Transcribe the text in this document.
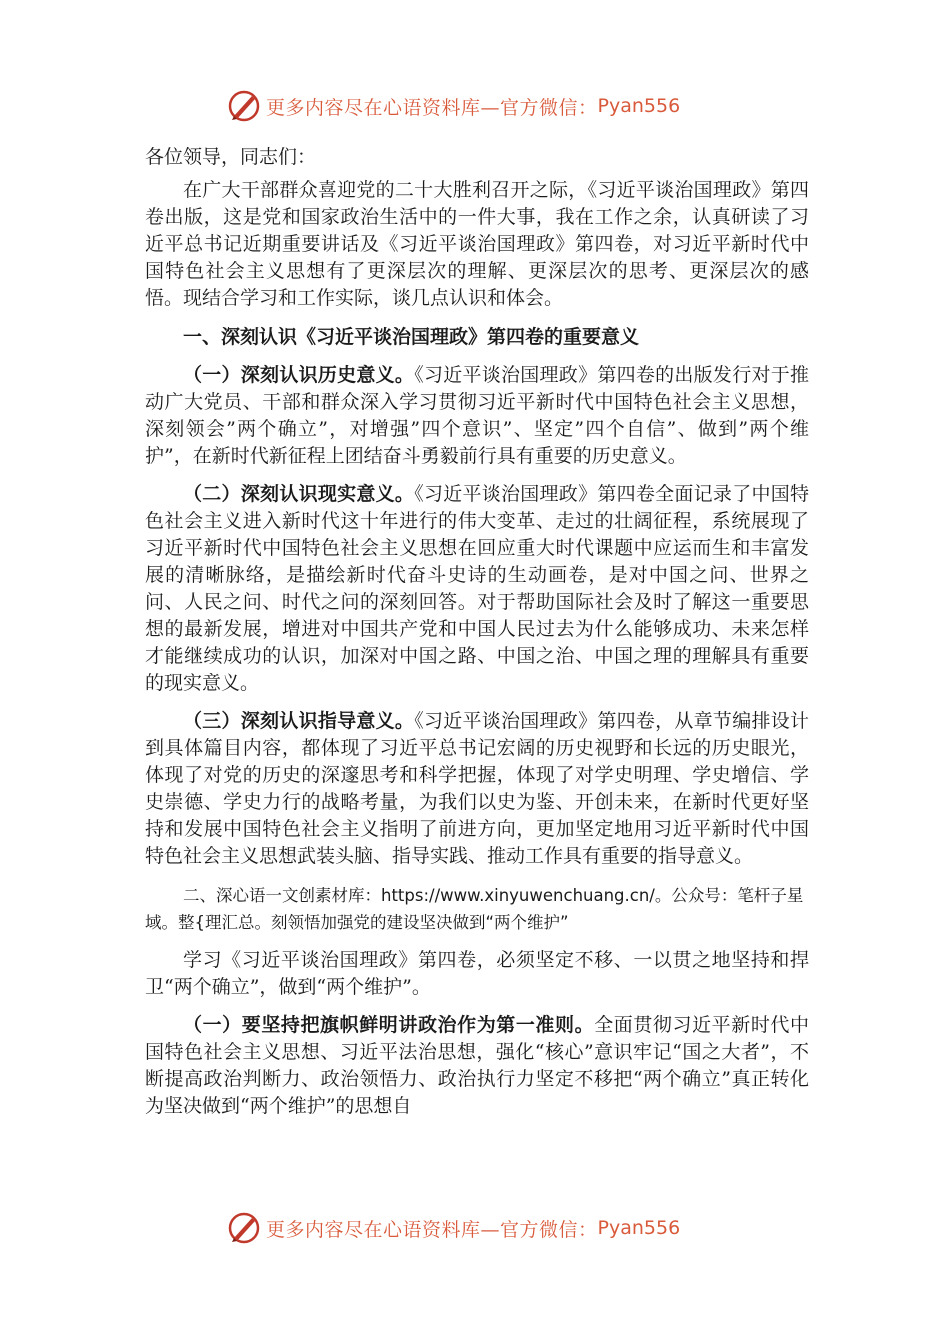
更多内容尽在心语资料库—官方微信： Pyan556

各位领导，同志们：

在广大干部群众喜迎党的二十大胜利召开之际，《习近平谈治国理政》第四卷出版，这是党和国家政治生活中的一件大事，我在工作之余，认真研读了习近平总书记近期重要讲话及《习近平谈治国理政》第四卷，对习近平新时代中国特色社会主义思想有了更深层次的理解、更深层次的思考、更深层次的感悟。现结合学习和工作实际，谈几点认识和体会。

一、深刻认识《习近平谈治国理政》第四卷的重要意义

（一）深刻认识历史意义。《习近平谈治国理政》第四卷的出版发行对于推动广大党员、干部和群众深入学习贯彻习近平新时代中国特色社会主义思想，深刻领会”两个确立”，对增强”四个意识”、坚定”四个自信”、做到”两个维护”，在新时代新征程上团结奋斗勇毅前行具有重要的历史意义。

（二）深刻认识现实意义。《习近平谈治国理政》第四卷全面记录了中国特色社会主义进入新时代这十年进行的伟大变革、走过的壮阔征程，系统展现了习近平新时代中国特色社会主义思想在回应重大时代课题中应运而生和丰富发展的清晰脉络，是描绘新时代奋斗史诗的生动画卷，是对中国之问、世界之问、人民之问、时代之问的深刻回答。对于帮助国际社会及时了解这一重要思想的最新发展，增进对中国共产党和中国人民过去为什么能够成功、未来怎样才能继续成功的认识，加深对中国之路、中国之治、中国之理的理解具有重要的现实意义。

（三）深刻认识指导意义。《习近平谈治国理政》第四卷，从章节编排设计到具体篇目内容，都体现了习近平总书记宏阔的历史视野和长远的历史眼光，体现了对党的历史的深邃思考和科学把握，体现了对学史明理、学史增信、学史崇德、学史力行的战略考量，为我们以史为鉴、开创未来，在新时代更好坚持和发展中国特色社会主义指明了前进方向，更加坚定地用习近平新时代中国特色社会主义思想武装头脑、指导实践、推动工作具有重要的指导意义。

二、深心语一文创素材库：https://www.xinyuwenchuang.cn/。公众号：笔杆子星域。整{理汇总。刻领悟加强党的建设坚决做到“两个维护”

学习《习近平谈治国理政》第四卷，必须坚定不移、一以贯之地坚持和捍卫“两个确立”，做到“两个维护”。

（一）要坚持把旗帜鲜明讲政治作为第一准则。全面贯彻习近平新时代中国特色社会主义思想、习近平法治思想，强化“核心”意识牢记“国之大者”，不断提高政治判断力、政治领悟力、政治执行力坚定不移把“两个确立”真正转化为坚决做到“两个维护”的思想自

更多内容尽在心语资料库—官方微信： Pyan556
